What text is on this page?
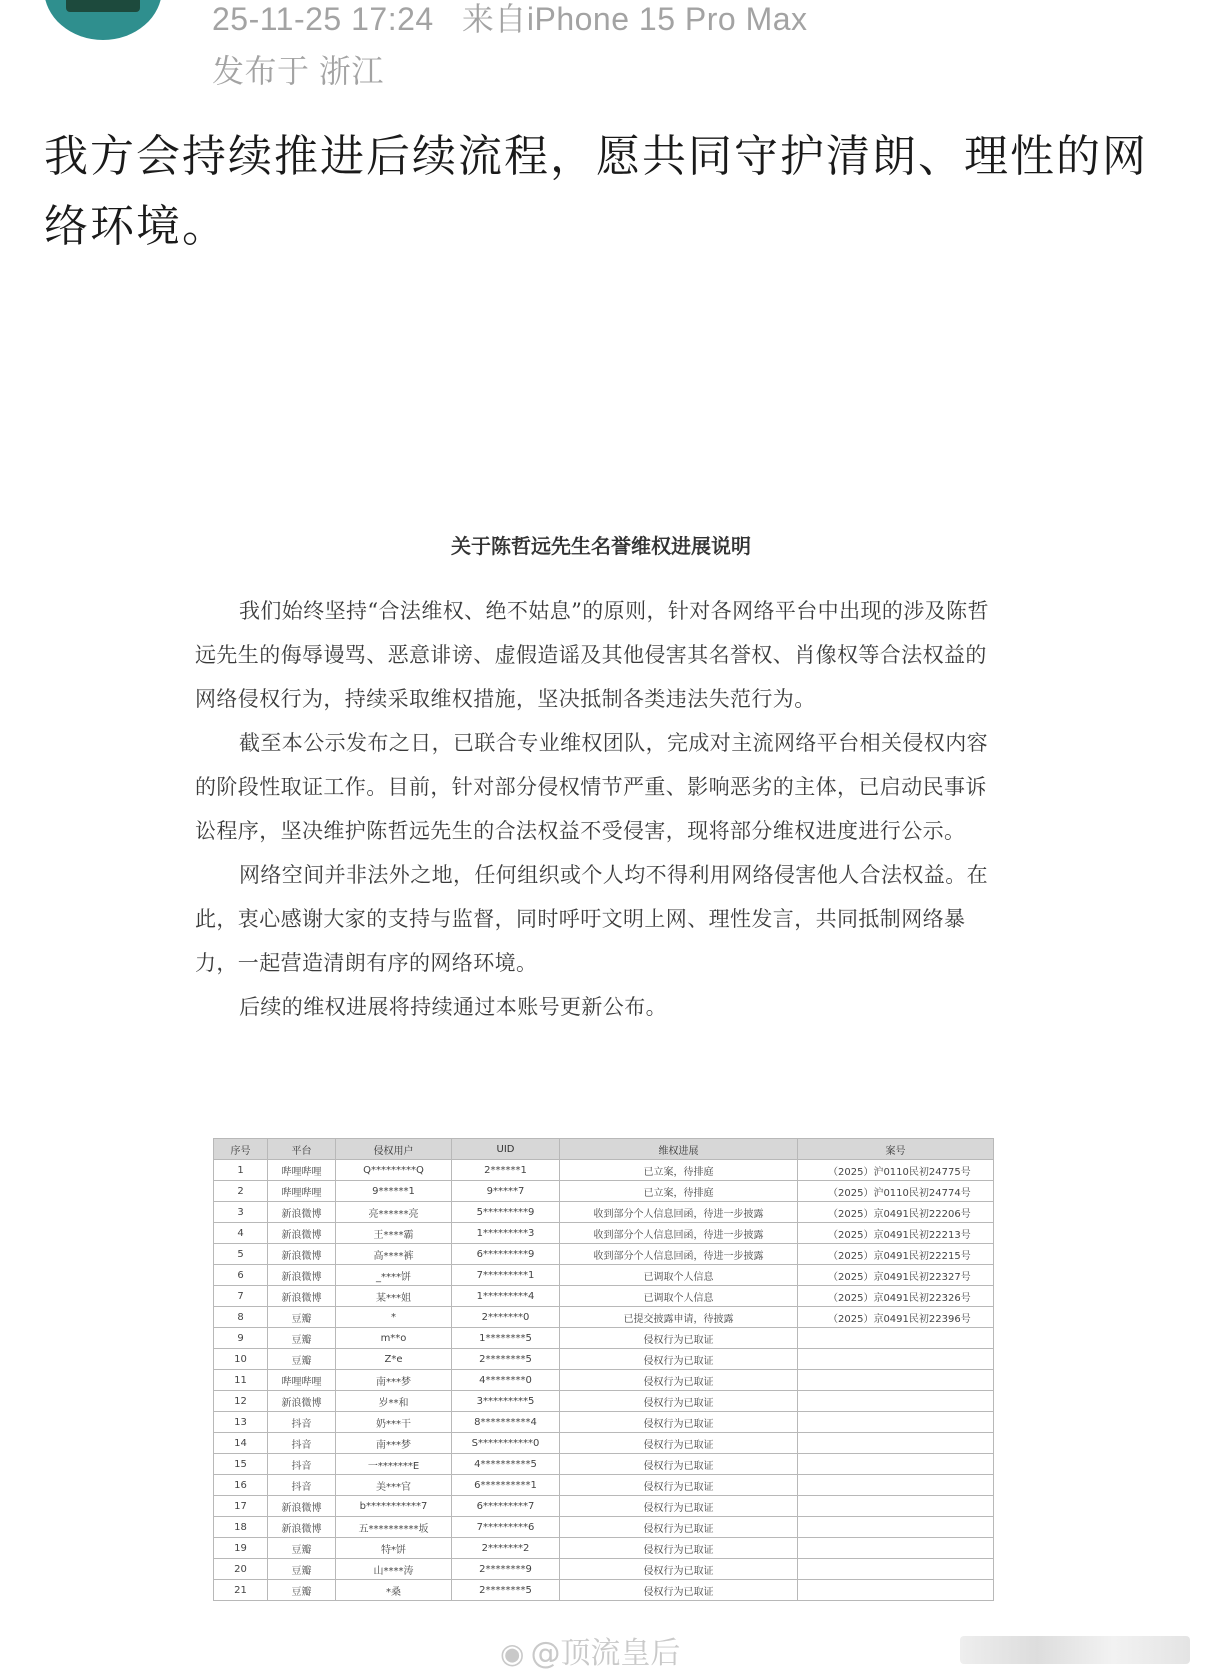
25-11-25 17:24 来自iPhone 15 Pro Max
发布于 浙江
我方会持续推进后续流程，愿共同守护清朗、理性的网络环境。
关于陈哲远先生名誉维权进展说明

我们始终坚持“合法维权、绝不姑息”的原则，针对各网络平台中出现的涉及陈哲远先生的侮辱谩骂、恶意诽谤、虚假造谣及其他侵害其名誉权、肖像权等合法权益的网络侵权行为，持续采取维权措施，坚决抵制各类违法失范行为。

截至本公示发布之日，已联合专业维权团队，完成对主流网络平台相关侵权内容的阶段性取证工作。目前，针对部分侵权情节严重、影响恶劣的主体，已启动民事诉讼程序，坚决维护陈哲远先生的合法权益不受侵害，现将部分维权进度进行公示。

网络空间并非法外之地，任何组织或个人均不得利用网络侵害他人合法权益。在此，衷心感谢大家的支持与监督，同时呼吁文明上网、理性发言，共同抵制网络暴力，一起营造清朗有序的网络环境。

后续的维权进展将持续通过本账号更新公布。

序号	平台	侵权用户	UID	维权进展	案号
1	哔哩哔哩	Q*********Q	2******1	已立案，待排庭	（2025）沪0110民初24775号
2	哔哩哔哩	9******1	9*****7	已立案，待排庭	（2025）沪0110民初24774号
3	新浪微博	亮******亮	5*********9	收到部分个人信息回函，待进一步披露	（2025）京0491民初22206号
4	新浪微博	王****霸	1*********3	收到部分个人信息回函，待进一步披露	（2025）京0491民初22213号
5	新浪微博	高****裤	6*********9	收到部分个人信息回函，待进一步披露	（2025）京0491民初22215号
6	新浪微博	_****饼	7*********1	已调取个人信息	（2025）京0491民初22327号
7	新浪微博	某***姐	1*********4	已调取个人信息	（2025）京0491民初22326号
8	豆瓣	*	2*******0	已提交披露申请，待披露	（2025）京0491民初22396号
9	豆瓣	m**o	1********5	侵权行为已取证	
10	豆瓣	Z*e	2********5	侵权行为已取证	
11	哔哩哔哩	南***梦	4********0	侵权行为已取证	
12	新浪微博	岁**和	3*********5	侵权行为已取证	
13	抖音	奶***干	8**********4	侵权行为已取证	
14	抖音	南***梦	S***********0	侵权行为已取证	
15	抖音	一*******E	4**********5	侵权行为已取证	
16	抖音	美***官	6**********1	侵权行为已取证	
17	新浪微博	b***********7	6*********7	侵权行为已取证	
18	新浪微博	五**********坂	7*********6	侵权行为已取证	
19	豆瓣	特*饼	2*******2	侵权行为已取证	
20	豆瓣	山****涛	2********9	侵权行为已取证	
21	豆瓣	*桑	2********5	侵权行为已取证	
◉ @顶流皇后
